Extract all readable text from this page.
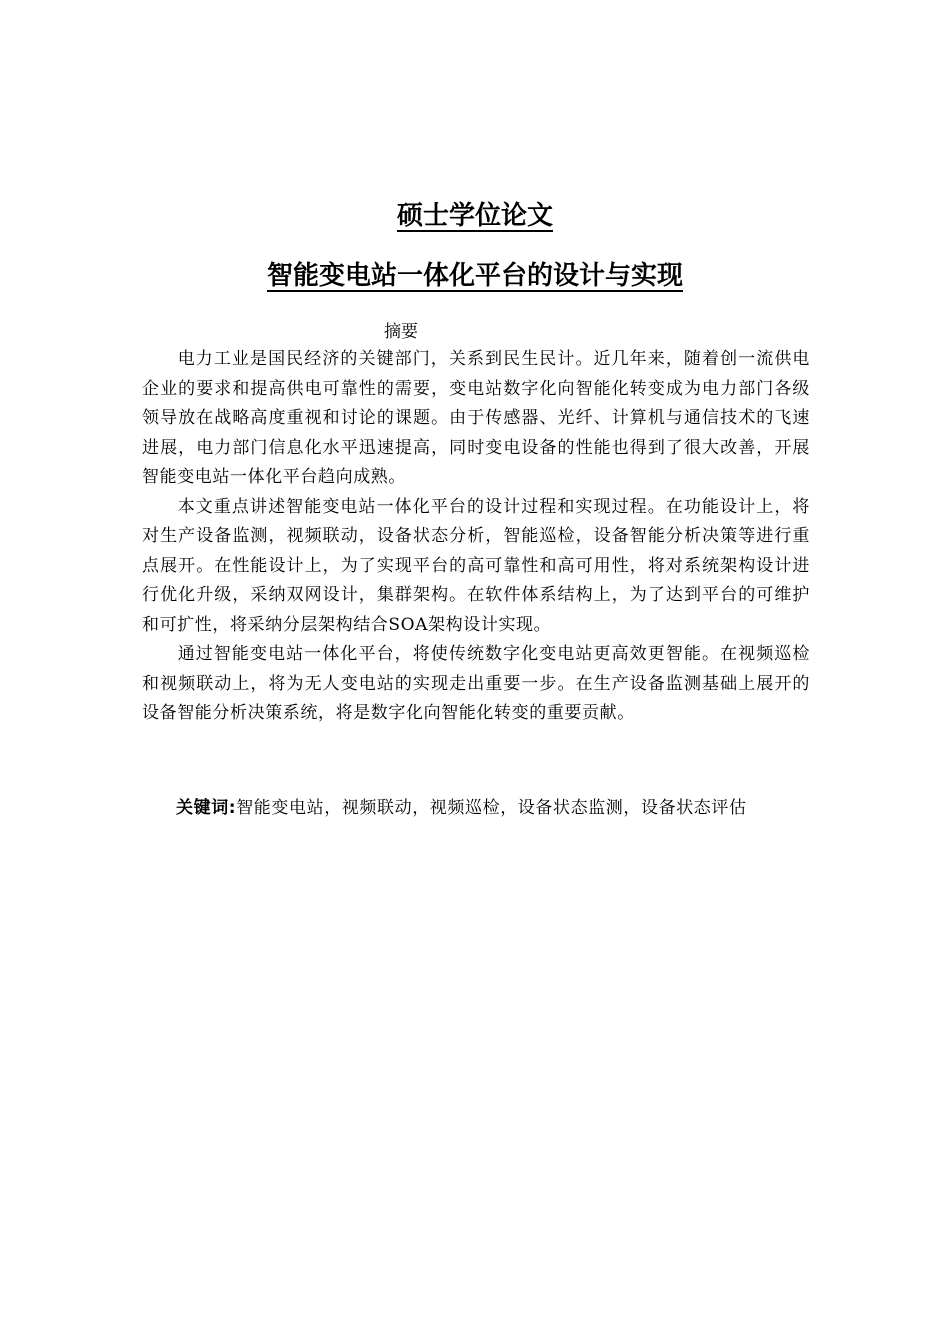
硕士学位论文
智能变电站一体化平台的设计与实现
摘要

电力工业是国民经济的关键部门，关系到民生民计。近几年来，随着创一流供电企业的要求和提高供电可靠性的需要，变电站数字化向智能化转变成为电力部门各级领导放在战略高度重视和讨论的课题。由于传感器、光纤、计算机与通信技术的飞速进展，电力部门信息化水平迅速提高，同时变电设备的性能也得到了很大改善，开展智能变电站一体化平台趋向成熟。

本文重点讲述智能变电站一体化平台的设计过程和实现过程。在功能设计上，将对生产设备监测，视频联动，设备状态分析，智能巡检，设备智能分析决策等进行重点展开。在性能设计上，为了实现平台的高可靠性和高可用性，将对系统架构设计进行优化升级，采纳双网设计，集群架构。在软件体系结构上，为了达到平台的可维护和可扩性，将采纳分层架构结合SOA架构设计实现。

通过智能变电站一体化平台，将使传统数字化变电站更高效更智能。在视频巡检和视频联动上，将为无人变电站的实现走出重要一步。在生产设备监测基础上展开的设备智能分析决策系统，将是数字化向智能化转变的重要贡献。

关键词:智能变电站，视频联动，视频巡检，设备状态监测，设备状态评估
